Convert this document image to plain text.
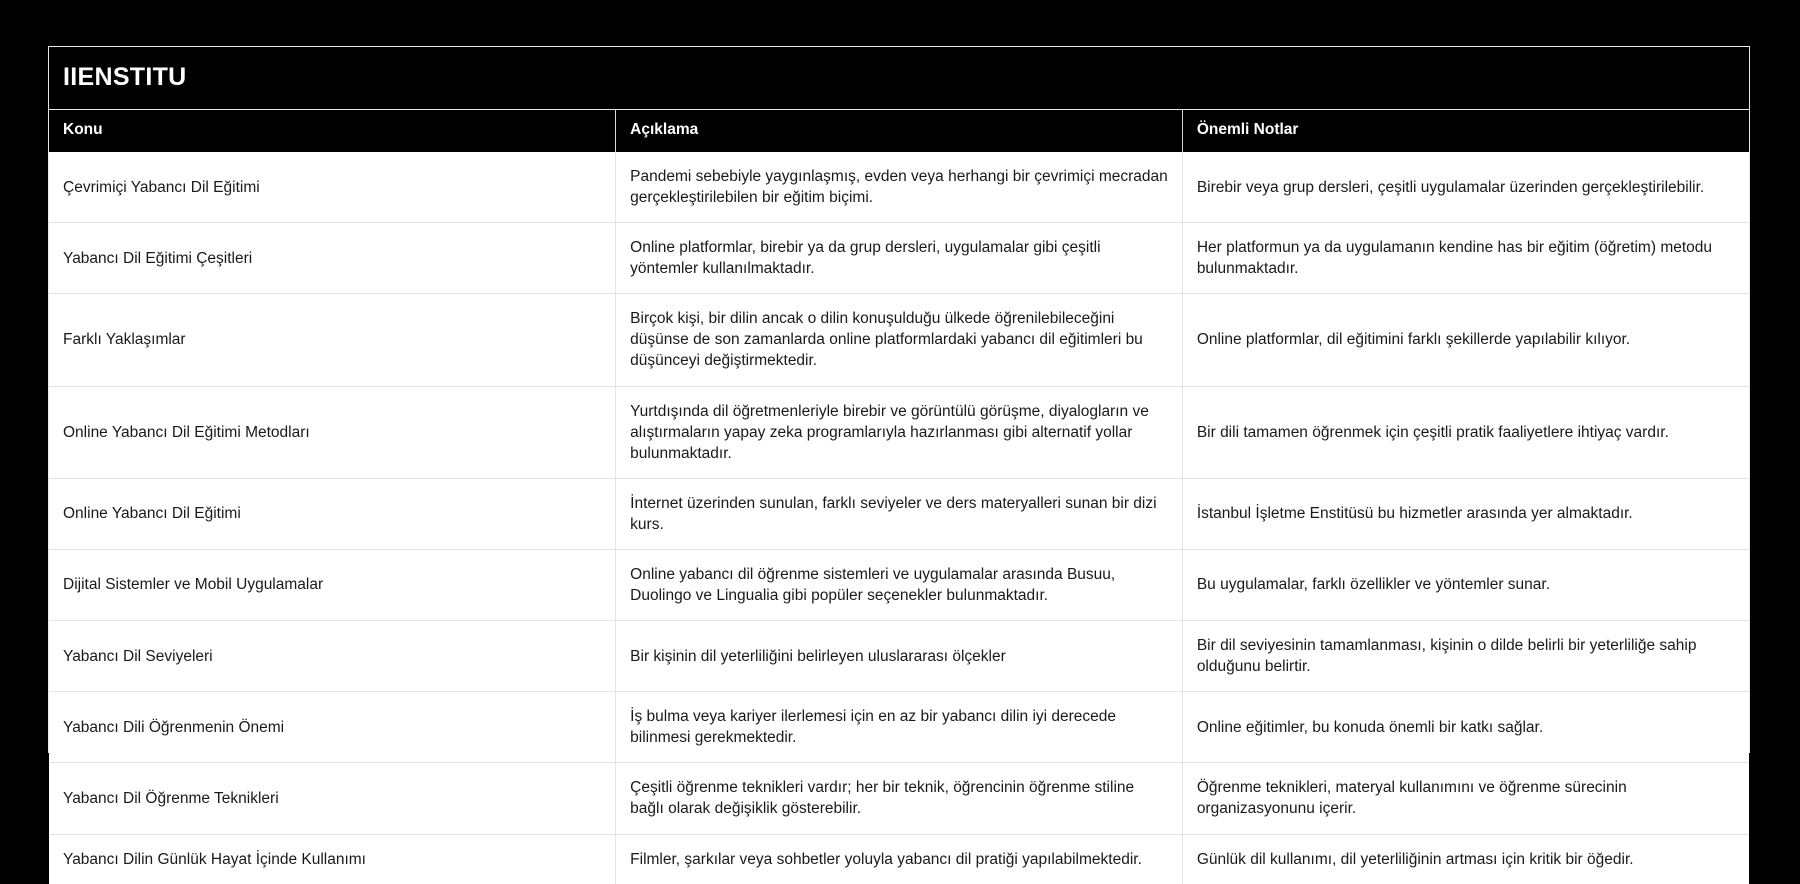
IIENSTITU		
Konu	Açıklama	Önemli Notlar

Çevrimiçi Yabancı Dil Eğitimi	Pandemi sebebiyle yaygınlaşmış, evden veya herhangi bir çevrimiçi mecradan gerçekleştirilebilen bir eğitim biçimi.	Birebir veya grup dersleri, çeşitli uygulamalar üzerinden gerçekleştirilebilir.

Yabancı Dil Eğitimi Çeşitleri	Online platformlar, birebir ya da grup dersleri, uygulamalar gibi çeşitli yöntemler kullanılmaktadır.	Her platformun ya da uygulamanın kendine has bir eğitim (öğretim) metodu bulunmaktadır.

Farklı Yaklaşımlar	Birçok kişi, bir dilin ancak o dilin konuşulduğu ülkede öğrenilebileceğini düşünse de son zamanlarda online platformlardaki yabancı dil eğitimleri bu düşünceyi değiştirmektedir.	Online platformlar, dil eğitimini farklı şekillerde yapılabilir kılıyor.

Online Yabancı Dil Eğitimi Metodları	Yurtdışında dil öğretmenleriyle birebir ve görüntülü görüşme, diyalogların ve alıştırmaların yapay zeka programlarıyla hazırlanması gibi alternatif yollar bulunmaktadır.	Bir dili tamamen öğrenmek için çeşitli pratik faaliyetlere ihtiyaç vardır.

Online Yabancı Dil Eğitimi	İnternet üzerinden sunulan, farklı seviyeler ve ders materyalleri sunan bir dizi kurs.	İstanbul İşletme Enstitüsü bu hizmetler arasında yer almaktadır.

Dijital Sistemler ve Mobil Uygulamalar	Online yabancı dil öğrenme sistemleri ve uygulamalar arasında Busuu, Duolingo ve Lingualia gibi popüler seçenekler bulunmaktadır.	Bu uygulamalar, farklı özellikler ve yöntemler sunar.

Yabancı Dil Seviyeleri	Bir kişinin dil yeterliliğini belirleyen uluslararası ölçekler	Bir dil seviyesinin tamamlanması, kişinin o dilde belirli bir yeterliliğe sahip olduğunu belirtir.

Yabancı Dili Öğrenmenin Önemi	İş bulma veya kariyer ilerlemesi için en az bir yabancı dilin iyi derecede bilinmesi gerekmektedir.	Online eğitimler, bu konuda önemli bir katkı sağlar.

Yabancı Dil Öğrenme Teknikleri	Çeşitli öğrenme teknikleri vardır; her bir teknik, öğrencinin öğrenme stiline bağlı olarak değişiklik gösterebilir.	Öğrenme teknikleri, materyal kullanımını ve öğrenme sürecinin organizasyonunu içerir.

Yabancı Dilin Günlük Hayat İçinde Kullanımı	Filmler, şarkılar veya sohbetler yoluyla yabancı dil pratiği yapılabilmektedir.	Günlük dil kullanımı, dil yeterliliğinin artması için kritik bir öğedir.
